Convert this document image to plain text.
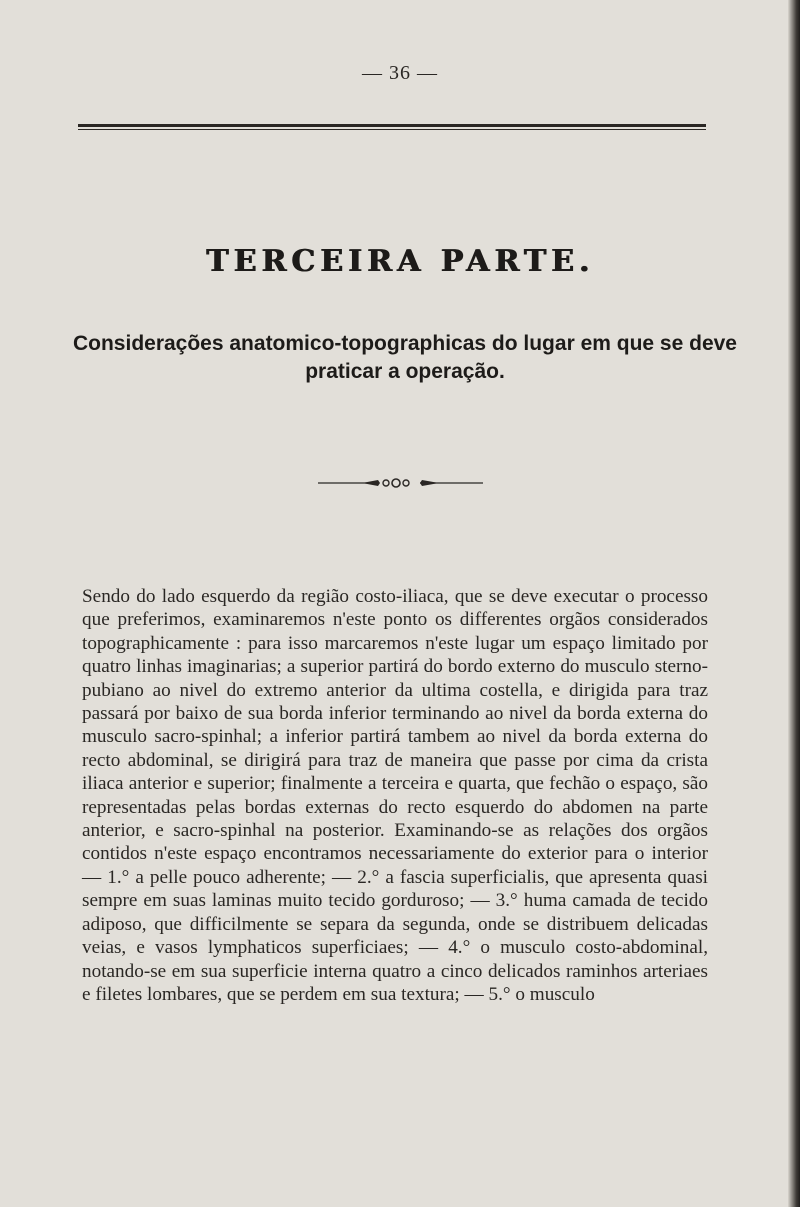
— 36 —
TERCEIRA PARTE.
Considerações anatomico-topographicas do lugar em que se deve praticar a operação.

Sendo do lado esquerdo da região costo-iliaca, que se deve executar o processo que preferimos, examinaremos n'este ponto os differentes orgãos considerados topographicamente : para isso marcaremos n'este lugar um espaço limitado por quatro linhas imaginarias; a superior partirá do bordo externo do musculo sterno-pubiano ao nivel do extremo anterior da ultima costella, e dirigida para traz passará por baixo de sua borda inferior terminando ao nivel da borda externa do musculo sacro-spinhal; a inferior partirá tambem ao nivel da borda externa do recto abdominal, se dirigirá para traz de maneira que passe por cima da crista iliaca anterior e superior; finalmente a terceira e quarta, que fechão o espaço, são representadas pelas bordas externas do recto esquerdo do abdomen na parte anterior, e sacro-spinhal na posterior. Examinando-se as relações dos orgãos contidos n'este espaço encontramos necessariamente do exterior para o interior — 1.° a pelle pouco adherente; — 2.° a fascia superficialis, que apresenta quasi sempre em suas laminas muito tecido gorduroso; — 3.° huma camada de tecido adiposo, que difficilmente se separa da segunda, onde se distribuem delicadas veias, e vasos lymphaticos superficiaes; — 4.° o musculo costo-abdominal, notando-se em sua superficie interna quatro a cinco delicados raminhos arteriaes e filetes lombares, que se perdem em sua textura; — 5.° o musculo
